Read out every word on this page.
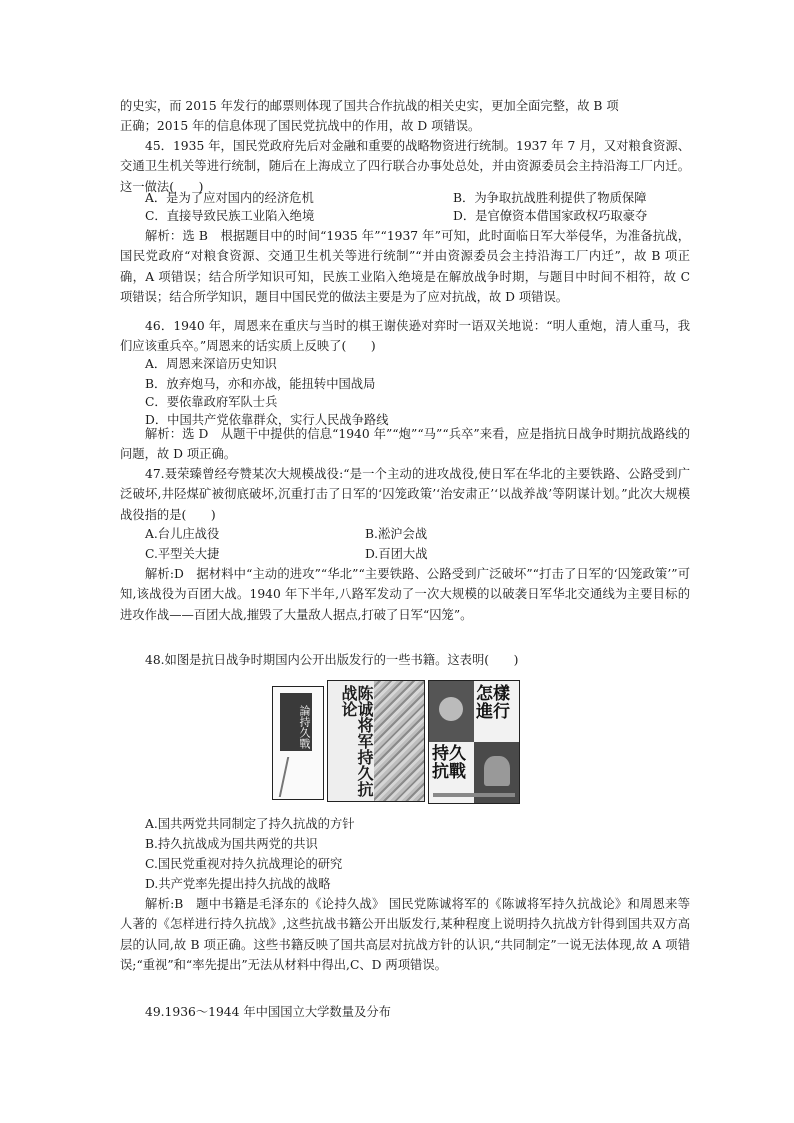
的史实，而 2015 年发行的邮票则体现了国共合作抗战的相关史实，更加全面完整，故 B 项

正确；2015 年的信息体现了国民党抗战中的作用，故 D 项错误。

45．1935 年，国民党政府先后对金融和重要的战略物资进行统制。1937 年 7 月，又对粮食资源、交通卫生机关等进行统制，随后在上海成立了四行联合办事处总处，并由资源委员会主持沿海工厂内迁。这一做法(　　)

A．是为了应对国内的经济危机	B．为争取抗战胜利提供了物质保障

C．直接导致民族工业陷入绝境	D．是官僚资本借国家政权巧取豪夺

解析：选 B　根据题目中的时间“1935 年”“1937 年”可知，此时面临日军大举侵华，为准备抗战，国民党政府“对粮食资源、交通卫生机关等进行统制”“并由资源委员会主持沿海工厂内迁”，故 B 项正确，A 项错误；结合所学知识可知，民族工业陷入绝境是在解放战争时期，与题目中时间不相符，故 C 项错误；结合所学知识，题目中国民党的做法主要是为了应对抗战，故 D 项错误。

46．1940 年，周恩来在重庆与当时的棋王谢侠逊对弈时一语双关地说：“明人重炮，清人重马，我们应该重兵卒。”周恩来的话实质上反映了(　　)

A．周恩来深谙历史知识

B．放弃炮马，亦和亦战，能扭转中国战局

C．要依靠政府军队士兵

D．中国共产党依靠群众，实行人民战争路线

解析：选 D　从题干中提供的信息“1940 年”“炮”“马”“兵卒”来看，应是指抗日战争时期抗战路线的问题，故 D 项正确。

47.聂荣臻曾经夸赞某次大规模战役:“是一个主动的进攻战役,使日军在华北的主要铁路、公路受到广泛破坏,井陉煤矿被彻底破坏,沉重打击了日军的‘囚笼政策’‘治安肃正’‘以战养战’等阴谋计划。”此次大规模战役指的是(　　)

A.台儿庄战役	B.淞沪会战

C.平型关大捷	D.百团大战

解析:D　据材料中“主动的进攻”“华北”“主要铁路、公路受到广泛破坏”“打击了日军的‘囚笼政策’”可知,该战役为百团大战。1940 年下半年,八路军发动了一次大规模的以破袭日军华北交通线为主要目标的进攻作战——百团大战,摧毁了大量敌人据点,打破了日军“囚笼”。

48.如图是抗日战争时期国内公开出版发行的一些书籍。这表明(　　)

論持久戰	陈诚将军持久抗战论	怎樣進行
持久抗戰

A.国共两党共同制定了持久抗战的方针

B.持久抗战成为国共两党的共识

C.国民党重视对持久抗战理论的研究

D.共产党率先提出持久抗战的战略

解析:B　题中书籍是毛泽东的《论持久战》 国民党陈诚将军的《陈诚将军持久抗战论》和周恩来等人著的《怎样进行持久抗战》,这些抗战书籍公开出版发行,某种程度上说明持久抗战方针得到国共双方高层的认同,故 B 项正确。这些书籍反映了国共高层对抗战方针的认识,“共同制定”一说无法体现,故 A 项错误;“重视”和“率先提出”无法从材料中得出,C、D 两项错误。

49.1936～1944 年中国国立大学数量及分布
